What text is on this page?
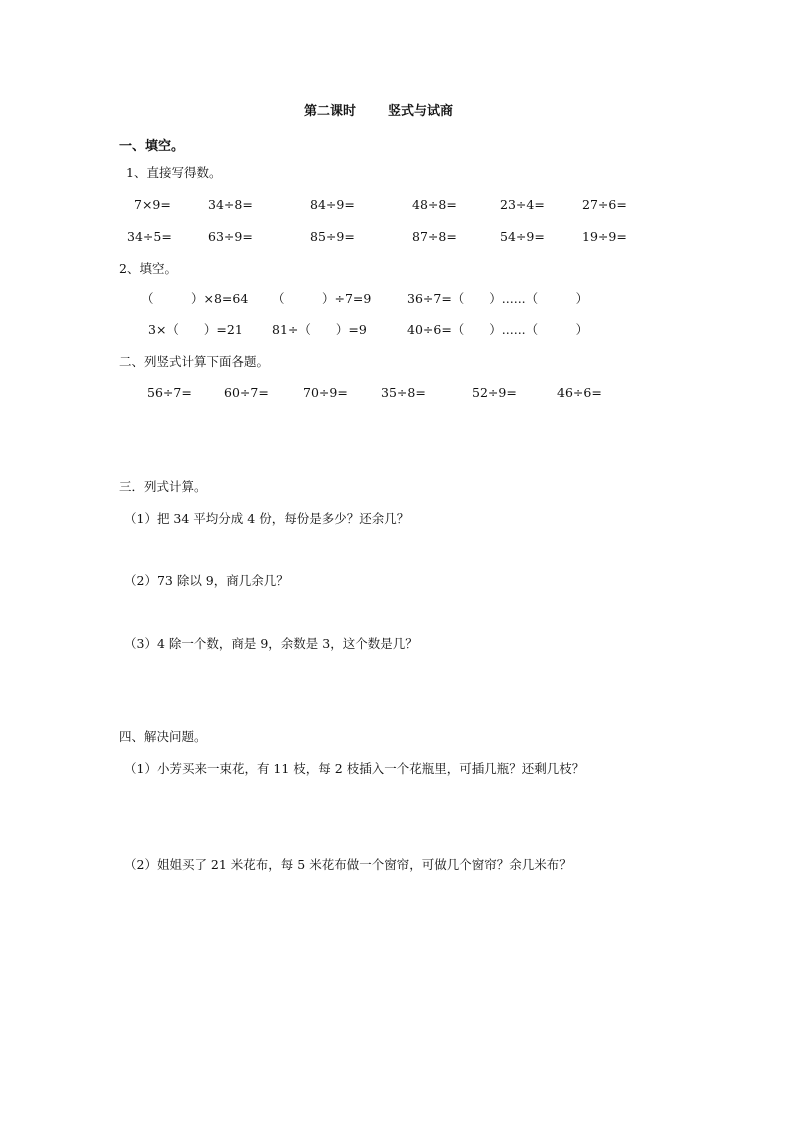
第二课时 竖式与试商
一、填空。
1、直接写得数。
7×9=	34÷8=	84÷9=	48÷8=	23÷4=	27÷6=
34÷5=	63÷9=	85÷9=	87÷8=	54÷9=	19÷9=
2、填空。
（　　　）×8=64 （　　　）÷7=9	36÷7=（　　）......（　　　）
3×（　　）=21 81÷（　　）=9	40÷6=（　　）......（　　　）
二、列竖式计算下面各题。
56÷7=	60÷7=	70÷9=	35÷8=	52÷9=	46÷6=
三．列式计算。
（1）把 34 平均分成 4 份，每份是多少？还余几？
（2）73 除以 9，商几余几？
（3）4 除一个数，商是 9，余数是 3，这个数是几？
四、解决问题。
（1）小芳买来一束花，有 11 枝，每 2 枝插入一个花瓶里，可插几瓶？还剩几枝？
（2）姐姐买了 21 米花布，每 5 米花布做一个窗帘，可做几个窗帘？余几米布？
